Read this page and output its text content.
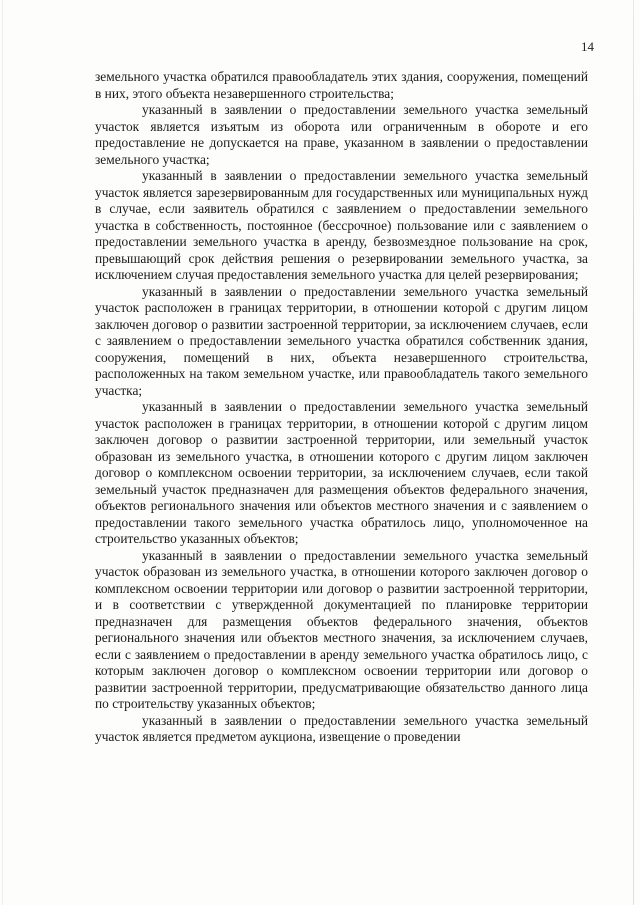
14

земельного участка обратился правообладатель этих здания, сооружения, помещений в них, этого объекта незавершенного строительства;

указанный в заявлении о предоставлении земельного участка земельный участок является изъятым из оборота или ограниченным в обороте и его предоставление не допускается на праве, указанном в заявлении о предоставлении земельного участка;

указанный в заявлении о предоставлении земельного участка земельный участок является зарезервированным для государственных или муниципальных нужд в случае, если заявитель обратился с заявлением о предоставлении земельного участка в собственность, постоянное (бессрочное) пользование или с заявлением о предоставлении земельного участка в аренду, безвозмездное пользование на срок, превышающий срок действия решения о резервировании земельного участка, за исключением случая предоставления земельного участка для целей резервирования;

указанный в заявлении о предоставлении земельного участка земельный участок расположен в границах территории, в отношении которой с другим лицом заключен договор о развитии застроенной территории, за исключением случаев, если с заявлением о предоставлении земельного участка обратился собственник здания, сооружения, помещений в них, объекта незавершенного строительства, расположенных на таком земельном участке, или правообладатель такого земельного участка;

указанный в заявлении о предоставлении земельного участка земельный участок расположен в границах территории, в отношении которой с другим лицом заключен договор о развитии застроенной территории, или земельный участок образован из земельного участка, в отношении которого с другим лицом заключен договор о комплексном освоении территории, за исключением случаев, если такой земельный участок предназначен для размещения объектов федерального значения, объектов регионального значения или объектов местного значения и с заявлением о предоставлении такого земельного участка обратилось лицо, уполномоченное на строительство указанных объектов;

указанный в заявлении о предоставлении земельного участка земельный участок образован из земельного участка, в отношении которого заключен договор о комплексном освоении территории или договор о развитии застроенной территории, и в соответствии с утвержденной документацией по планировке территории предназначен для размещения объектов федерального значения, объектов регионального значения или объектов местного значения, за исключением случаев, если с заявлением о предоставлении в аренду земельного участка обратилось лицо, с которым заключен договор о комплексном освоении территории или договор о развитии застроенной территории, предусматривающие обязательство данного лица по строительству указанных объектов;

указанный в заявлении о предоставлении земельного участка земельный участок является предметом аукциона, извещение о проведении
